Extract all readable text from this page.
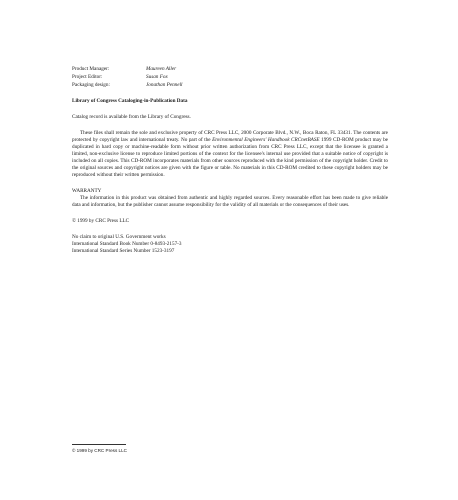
Product Manager:	Maureen Aller
Project Editor:	Susan Fox
Packaging design:	Jonathan Pennell
Library of Congress Cataloging-in-Publication Data
Catalog record is available from the Library of Congress.
These files shall remain the sole and exclusive property of CRC Press LLC, 2000 Corporate Blvd., N.W., Boca Raton, FL 33431. The contents are protected by copyright law and international treaty. No part of the Environmental Engineers' Handbook CRCnetBASE 1999 CD-ROM product may be duplicated in hard copy or machine-readable form without prior written authorization from CRC Press LLC, except that the licensee is granted a limited, non-exclusive license to reproduce limited portions of the context for the licensee's internal use provided that a suitable notice of copyright is included on all copies. This CD-ROM incorporates materials from other sources reproduced with the kind permission of the copyright holder. Credit to the original sources and copyright notices are given with the figure or table. No materials in this CD-ROM credited to these copyright holders may be reproduced without their written permission.
WARRANTY
The information in this product was obtained from authentic and highly regarded sources. Every reasonable effort has been made to give reliable data and information, but the publisher cannot assume responsibility for the validity of all materials or the consequences of their uses.
© 1999 by CRC Press LLC
No claim to original U.S. Government works
International Standard Book Number 0-8493-2157-3
International Standard Series Number 1523-3197
© 1999 by CRC Press LLC
